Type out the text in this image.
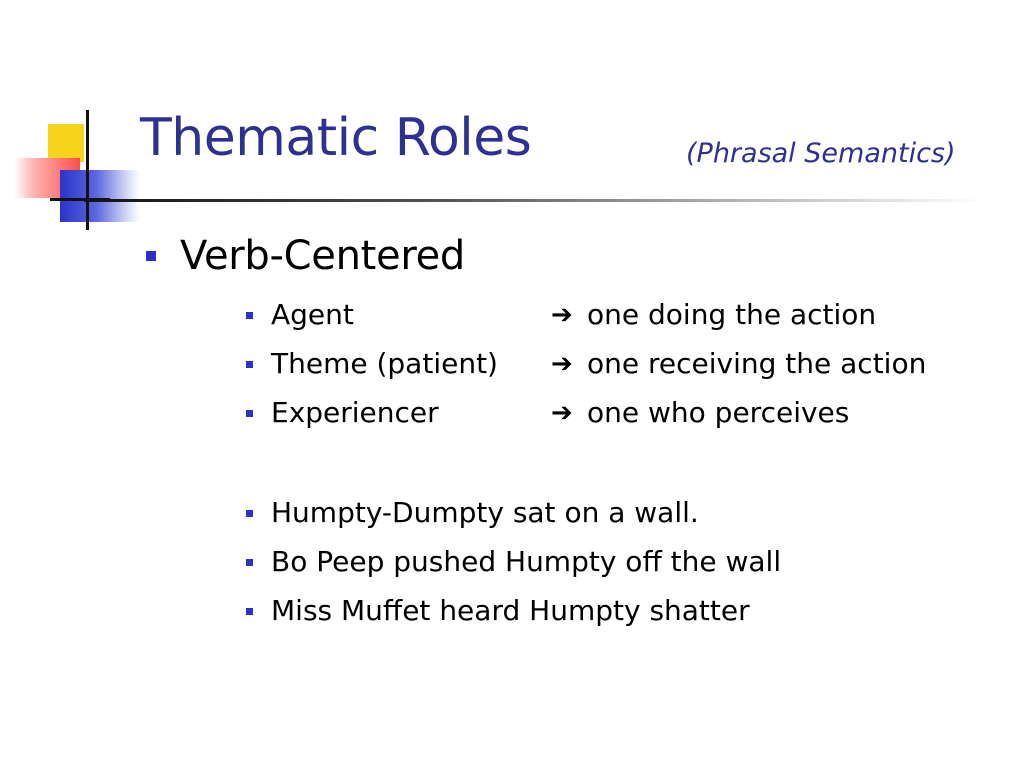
Thematic Roles	(Phrasal Semantics)
Verb-Centered
Agent	➔ one doing the action
Theme (patient)	➔ one receiving the action
Experiencer	➔ one who perceives
Humpty-Dumpty sat on a wall.
Bo Peep pushed Humpty off the wall
Miss Muffet heard Humpty shatter
